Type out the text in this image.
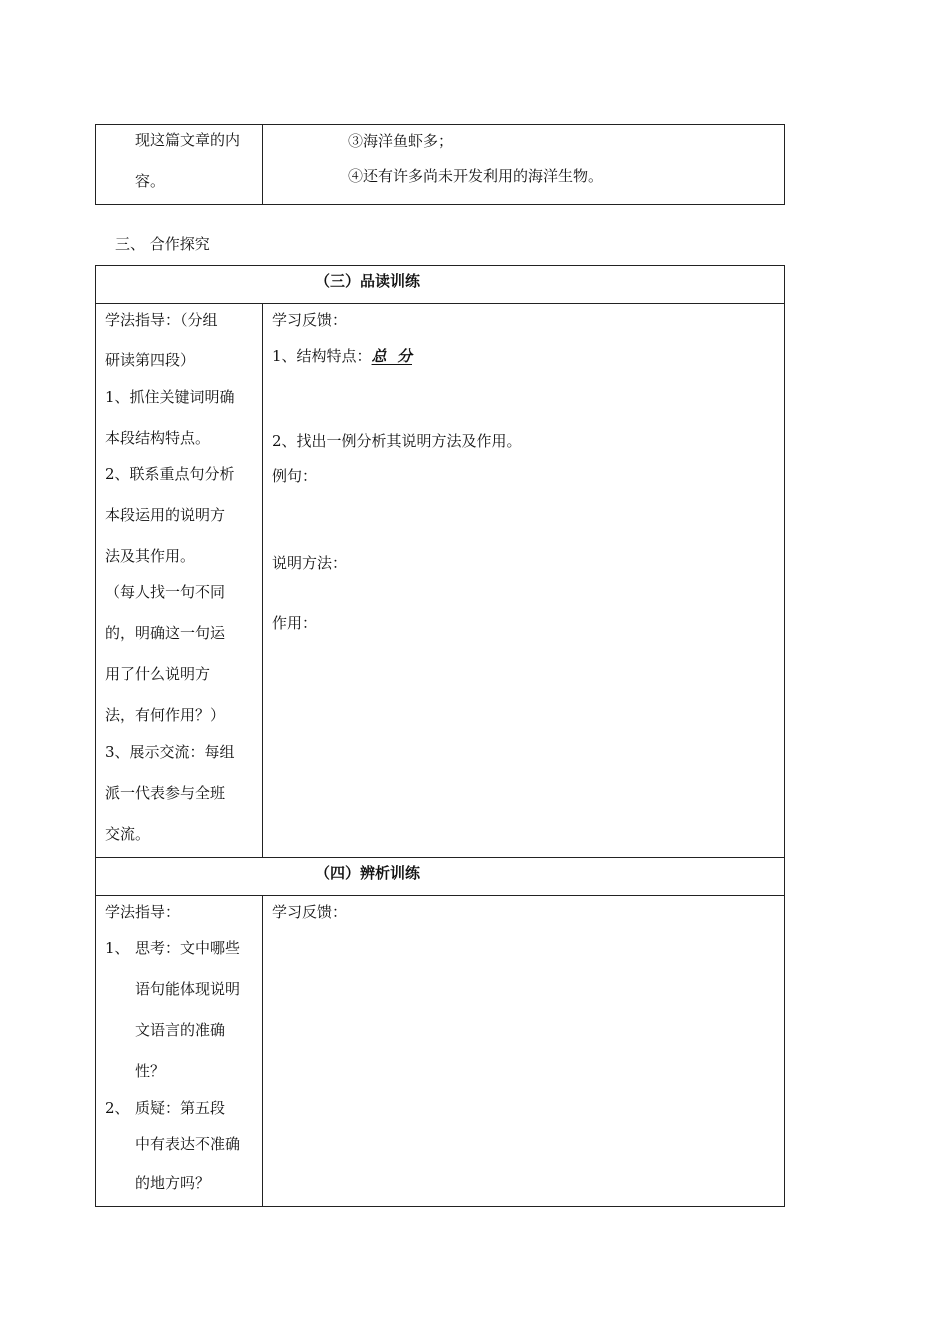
现这篇文章的内
容。
③海洋鱼虾多；
④还有许多尚未开发利用的海洋生物。
三、 合作探究
（三）品读训练
学法指导：（分组
研读第四段）
1、抓住关键词明确
本段结构特点。
2、联系重点句分析
本段运用的说明方
法及其作用。
（每人找一句不同
的，明确这一句运
用了什么说明方
法，有何作用？）
3、展示交流：每组
派一代表参与全班
交流。
学习反馈：
1、结构特点：总  分
2、找出一例分析其说明方法及作用。
例句：
说明方法：
作用：
（四）辨析训练
学法指导：
1、 思考：文中哪些
语句能体现说明
文语言的准确
性？
2、 质疑：第五段
中有表达不准确
的地方吗？
学习反馈：
